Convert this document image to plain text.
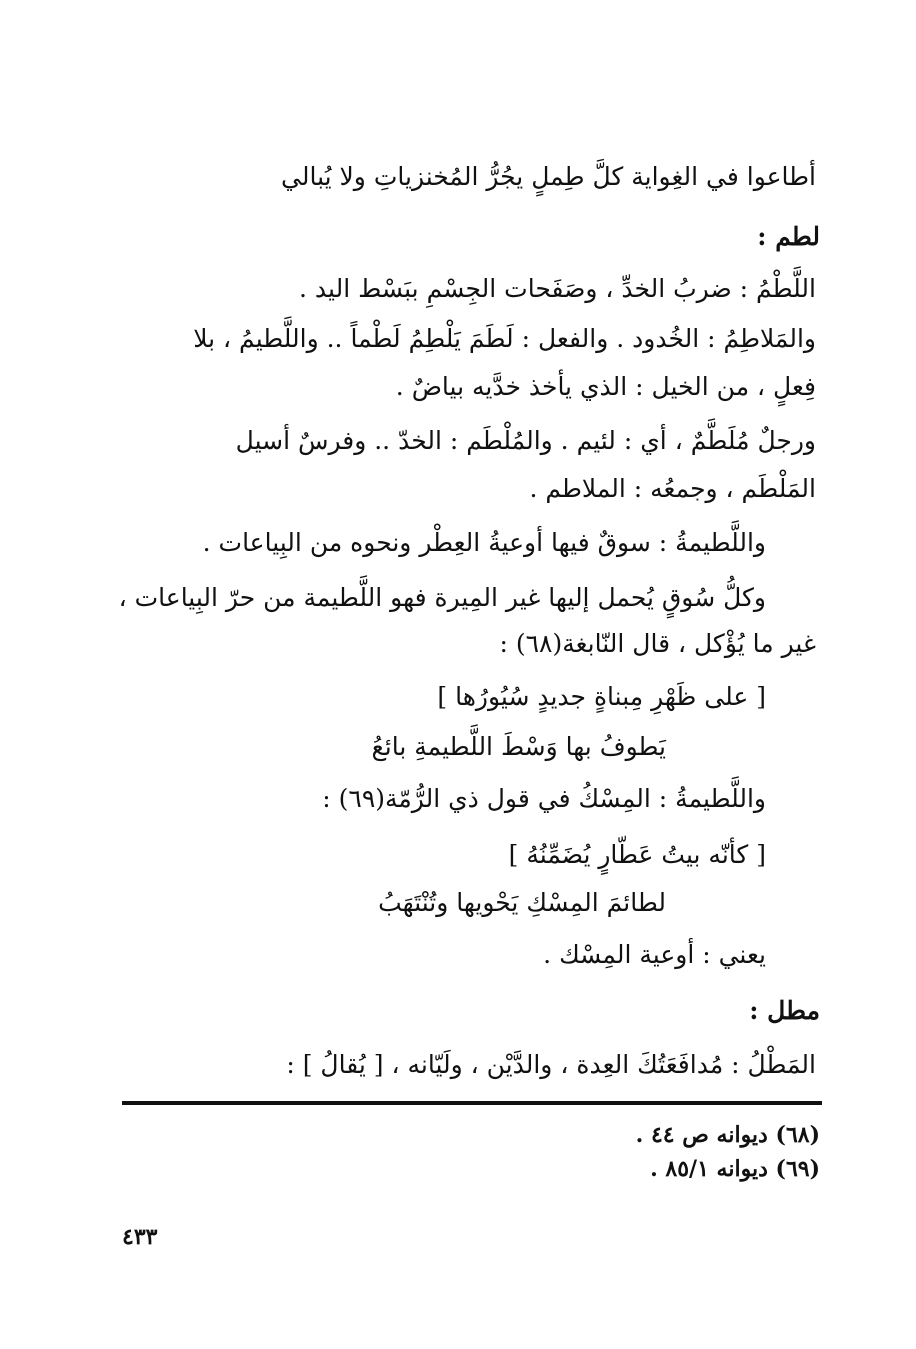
أطاعوا في الغِواية كلَّ طِملٍ يجُرُّ المُخنزياتِ ولا يُبالي
لطم :
اللَّطْمُ : ضربُ الخدِّ ، وصَفَحات الجِسْمِ ببَسْط اليد .
والمَلاطِمُ : الخُدود . والفعل : لَطَمَ يَلْطِمُ لَطْماً .. واللَّطيمُ ، بلا
فِعلٍ ، من الخيل : الذي يأخذ خدَّيه بياضٌ .
ورجلٌ مُلَطَّمٌ ، أي : لئيم . والمُلْطَم : الخدّ .. وفرسٌ أسيل
المَلْطَم ، وجمعُه : الملاطم .
واللَّطيمةُ : سوقٌ فيها أوعيةُ العِطْر ونحوه من البِياعات .
وكلُّ سُوقٍ يُحمل إليها غير المِيرة فهو اللَّطيمة من حرّ البِياعات ،
غير ما يُؤْكل ، قال النّابغة(٦٨) :
[ على ظَهْرِ مِبناةٍ جديدٍ سُيُورُها ]
يَطوفُ بها وَسْطَ اللَّطيمةِ بائعُ
واللَّطيمةُ : المِسْكُ في قول ذي الرُّمّة(٦٩) :
[ كأنّه بيتُ عَطّارٍ يُضَمِّنُهُ ]
لطائمَ المِسْكِ يَحْويها وتُنْتَهَبُ
يعني : أوعية المِسْك .
مطل :
المَطْلُ : مُدافَعَتُكَ العِدة ، والدَّيْن ، ولَيّانه ، [ يُقالُ ] :
(٦٨) ديوانه ص ٤٤ .
(٦٩) ديوانه ٨٥/١ .
٤٣٣
